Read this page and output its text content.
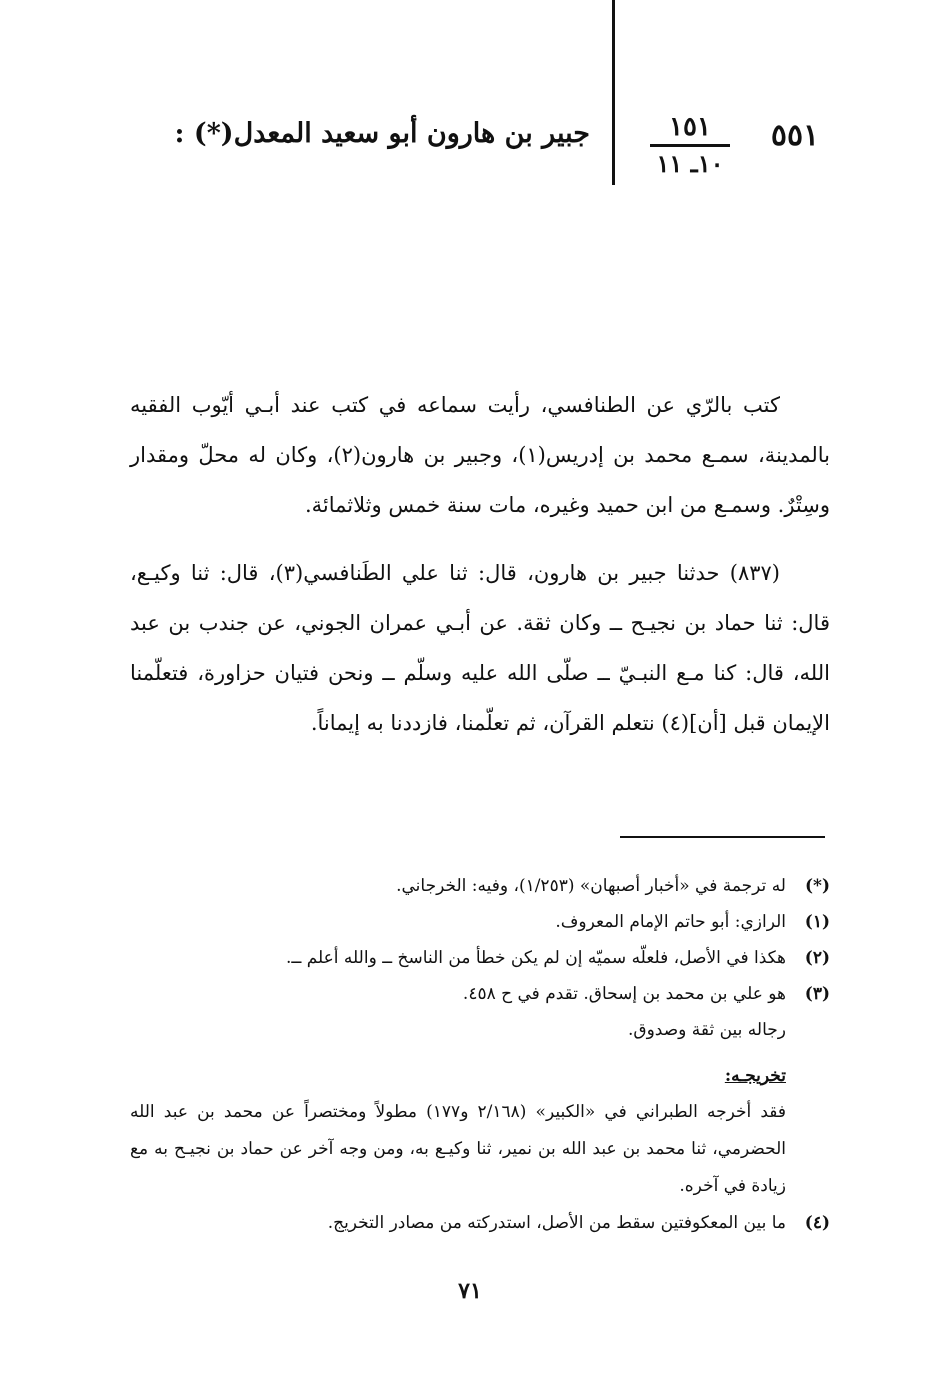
٥٥١
١٥١
١٠ـ ١١
جبير بن هارون أبو سعيد المعدل(*) :

كتب بالرّي عن الطنافسي، رأيت سماعه في كتب عند أبـي أيّوب الفقيه بالمدينة، سمـع محمد بن إدريس(١)، وجبير بن هارون(٢)، وكان له محلّ ومقدار وسِتْرٌ. وسمـع من ابن حميد وغيره، مات سنة خمس وثلاثمائة.

(٨٣٧) حدثنا جبير بن هارون، قال: ثنا علي الطَنافسي(٣)، قال: ثنا وكيـع، قال: ثنا حماد بن نجيـح ــ وكان ثقة. عن أبـي عمران الجوني، عن جندب بن عبد الله، قال: كنا مـع النبـيّ ــ صلّى الله عليه وسلّم ــ ونحن فتيان حزاورة، فتعلّمنا الإيمان قبل [أن](٤) نتعلم القرآن، ثم تعلّمنا، فازددنا به إيماناً.

(*)
له ترجمة في «أخبار أصبهان» (١/٢٥٣)، وفيه: الخرجاني.
(١)
الرازي: أبو حاتم الإمام المعروف.
(٢)
هكذا في الأصل، فلعلّه سميّه إن لم يكن خطأ من الناسخ ــ والله أعلم ــ.
(٣)
هو علي بن محمد بن إسحاق. تقدم في ح ٤٥٨.
رجاله بين ثقة وصدوق.
تخريجـه:
فقد أخرجه الطبراني في «الكبير» (٢/١٦٨ و١٧٧) مطولاً ومختصراً عن محمد بن عبد الله الحضرمي، ثنا محمد بن عبد الله بن نمير، ثنا وكيـع به، ومن وجه آخر عن حماد بن نجيـح به مع زيادة في آخره.
(٤)
ما بين المعكوفتين سقط من الأصل، استدركته من مصادر التخريج.
٧١
